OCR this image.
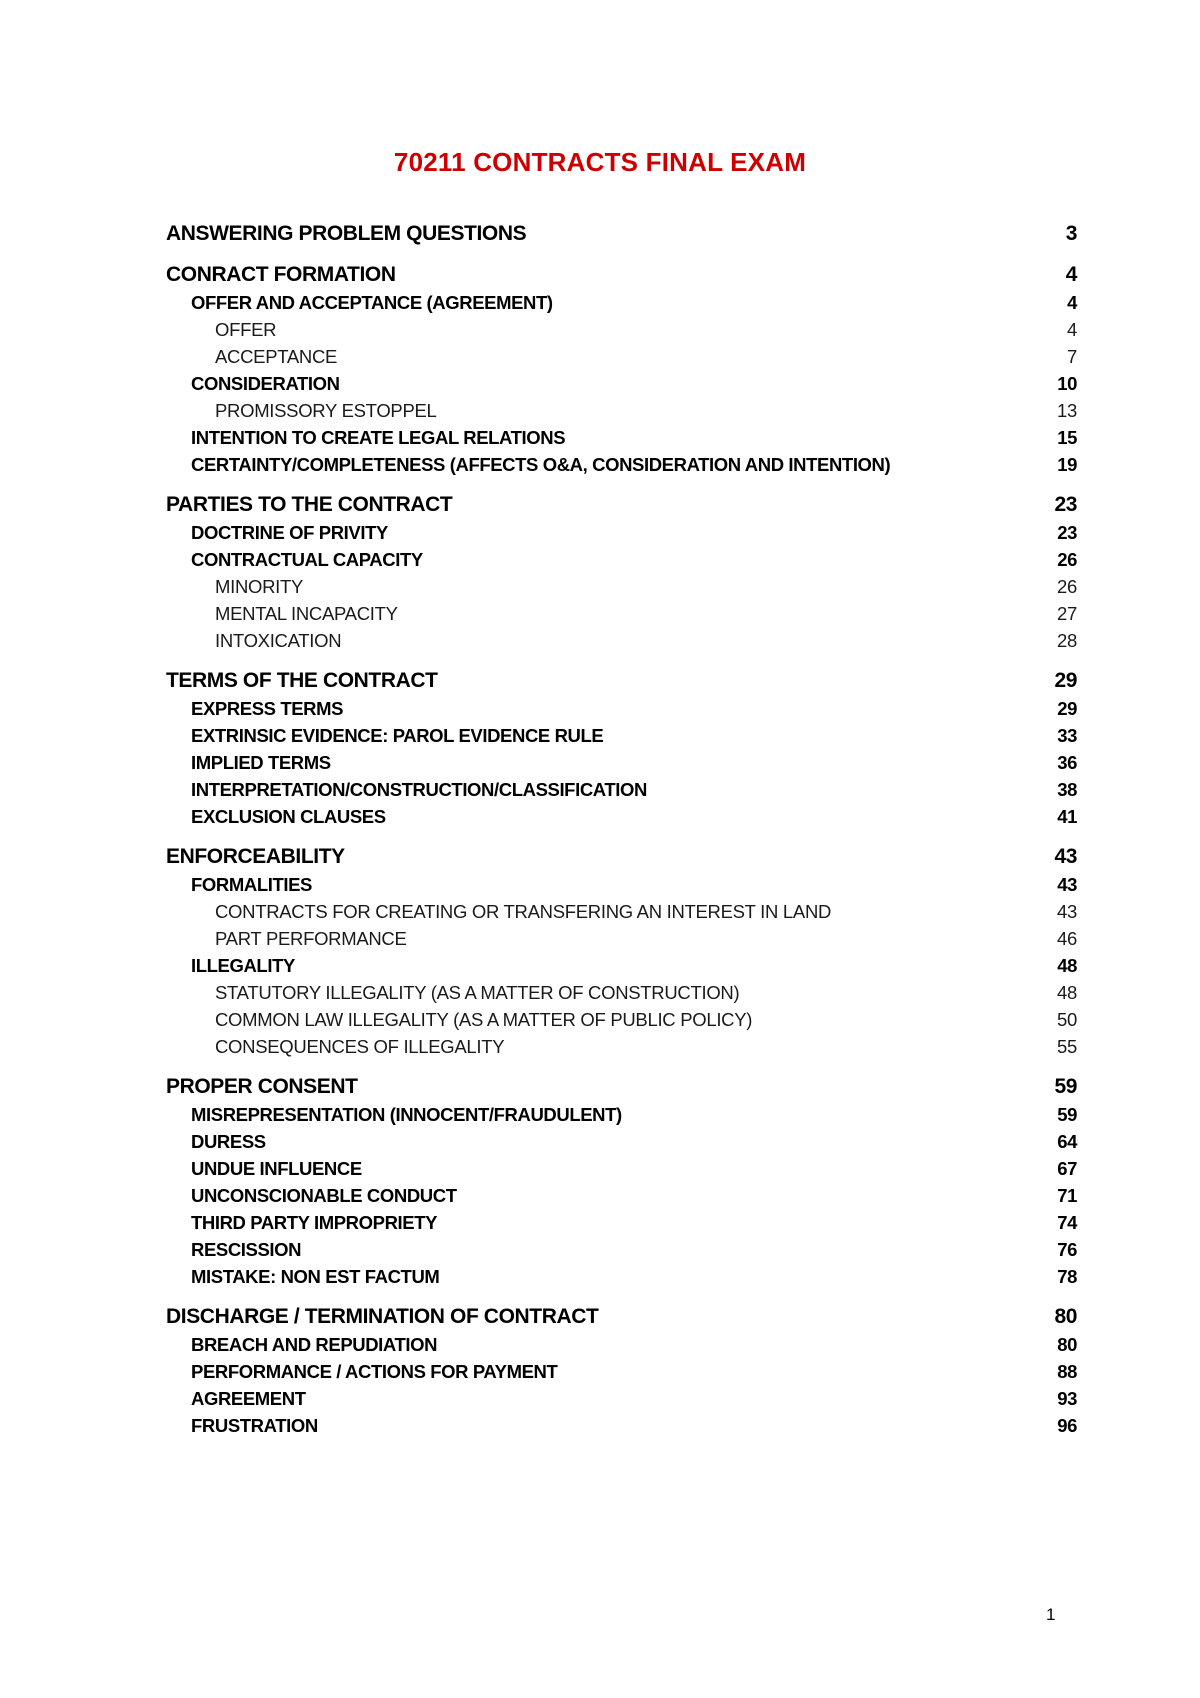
70211 CONTRACTS FINAL EXAM
ANSWERING PROBLEM QUESTIONS	3
CONRACT FORMATION	4
OFFER AND ACCEPTANCE (AGREEMENT)	4
OFFER	4
ACCEPTANCE	7
CONSIDERATION	10
PROMISSORY ESTOPPEL	13
INTENTION TO CREATE LEGAL RELATIONS	15
CERTAINTY/COMPLETENESS (AFFECTS O&A, CONSIDERATION AND INTENTION)	19
PARTIES TO THE CONTRACT	23
DOCTRINE OF PRIVITY	23
CONTRACTUAL CAPACITY	26
MINORITY	26
MENTAL INCAPACITY	27
INTOXICATION	28
TERMS OF THE CONTRACT	29
EXPRESS TERMS	29
EXTRINSIC EVIDENCE: PAROL EVIDENCE RULE	33
IMPLIED TERMS	36
INTERPRETATION/CONSTRUCTION/CLASSIFICATION	38
EXCLUSION CLAUSES	41
ENFORCEABILITY	43
FORMALITIES	43
CONTRACTS FOR CREATING OR TRANSFERING AN INTEREST IN LAND	43
PART PERFORMANCE	46
ILLEGALITY	48
STATUTORY ILLEGALITY (AS A MATTER OF CONSTRUCTION)	48
COMMON LAW ILLEGALITY (AS A MATTER OF PUBLIC POLICY)	50
CONSEQUENCES OF ILLEGALITY	55
PROPER CONSENT	59
MISREPRESENTATION (INNOCENT/FRAUDULENT)	59
DURESS	64
UNDUE INFLUENCE	67
UNCONSCIONABLE CONDUCT	71
THIRD PARTY IMPROPRIETY	74
RESCISSION	76
MISTAKE: NON EST FACTUM	78
DISCHARGE / TERMINATION OF CONTRACT	80
BREACH AND REPUDIATION	80
PERFORMANCE / ACTIONS FOR PAYMENT	88
AGREEMENT	93
FRUSTRATION	96
1
